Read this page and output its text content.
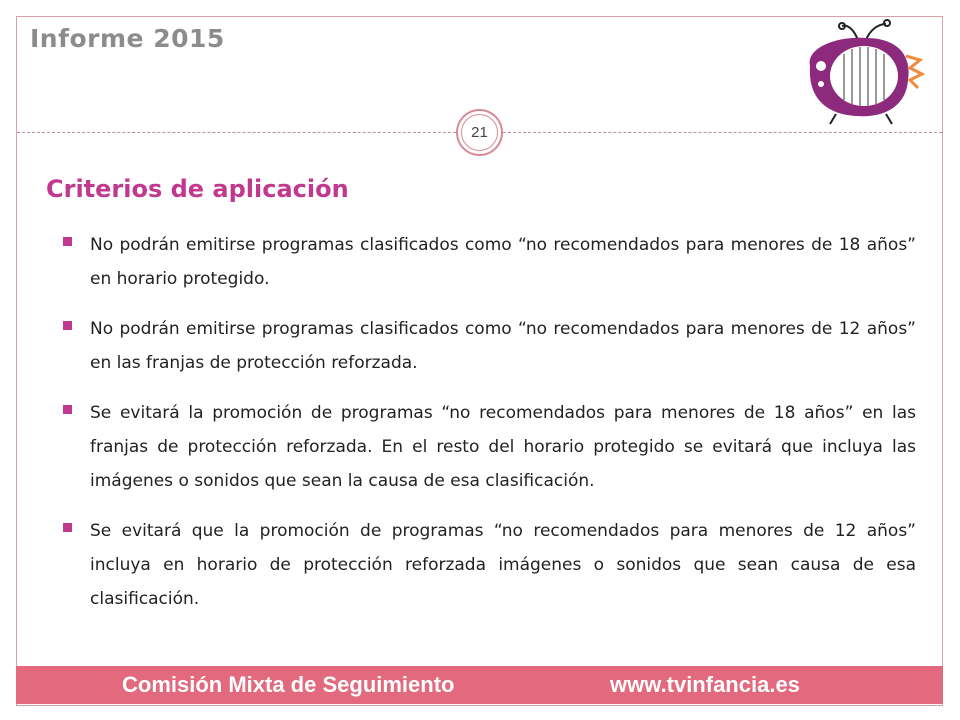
Informe 2015
21
Criterios de aplicación
No podrán emitirse programas clasificados como “no recomendados para menores de 18 años” en horario protegido.
No podrán emitirse programas clasificados como “no recomendados para menores de 12 años” en las franjas de protección reforzada.
Se evitará la promoción de programas “no recomendados para menores de 18 años” en las franjas de protección reforzada. En el resto del horario protegido se evitará que incluya las imágenes o sonidos que sean la causa de esa clasificación.
Se evitará que la promoción de programas “no recomendados para menores de 12 años” incluya en horario de protección reforzada imágenes o sonidos que sean causa de esa clasificación.
Comisión Mixta de Seguimiento	www.tvinfancia.es
